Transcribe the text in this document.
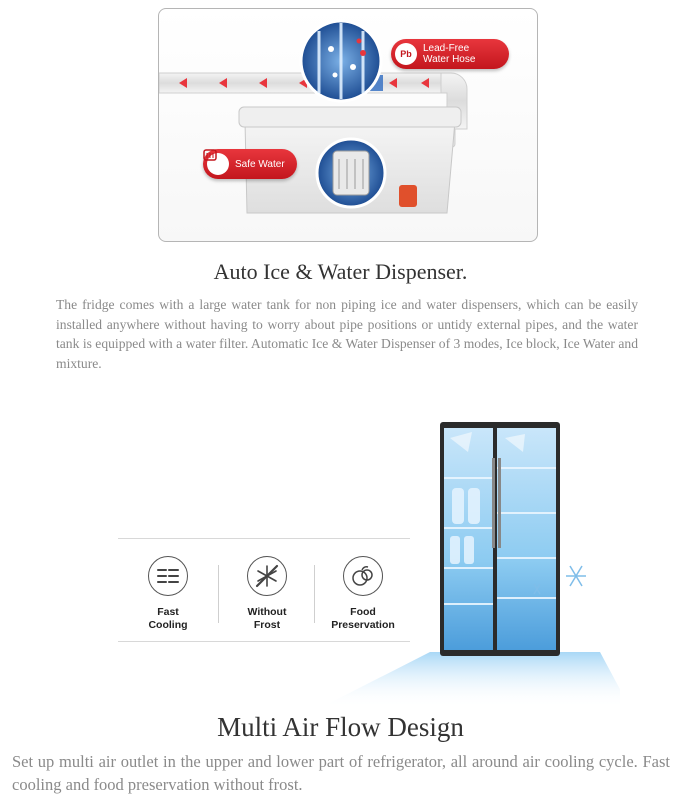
Pb Lead-Free
Water Hose
Safe Water
Auto Ice & Water Dispenser.
The fridge comes with a large water tank for non piping ice and water dispensers, which can be easily installed anywhere without having to worry about pipe positions or untidy external pipes, and the water tank is equipped with a water filter. Automatic Ice & Water Dispenser of 3 modes, Ice block, Ice Water and mixture.
Fast
Cooling
Without
Frost
Food
Preservation
Multi Air Flow Design
Set up multi air outlet in the upper and lower part of refrigerator, all around air cooling cycle. Fast cooling and food preservation without frost.
